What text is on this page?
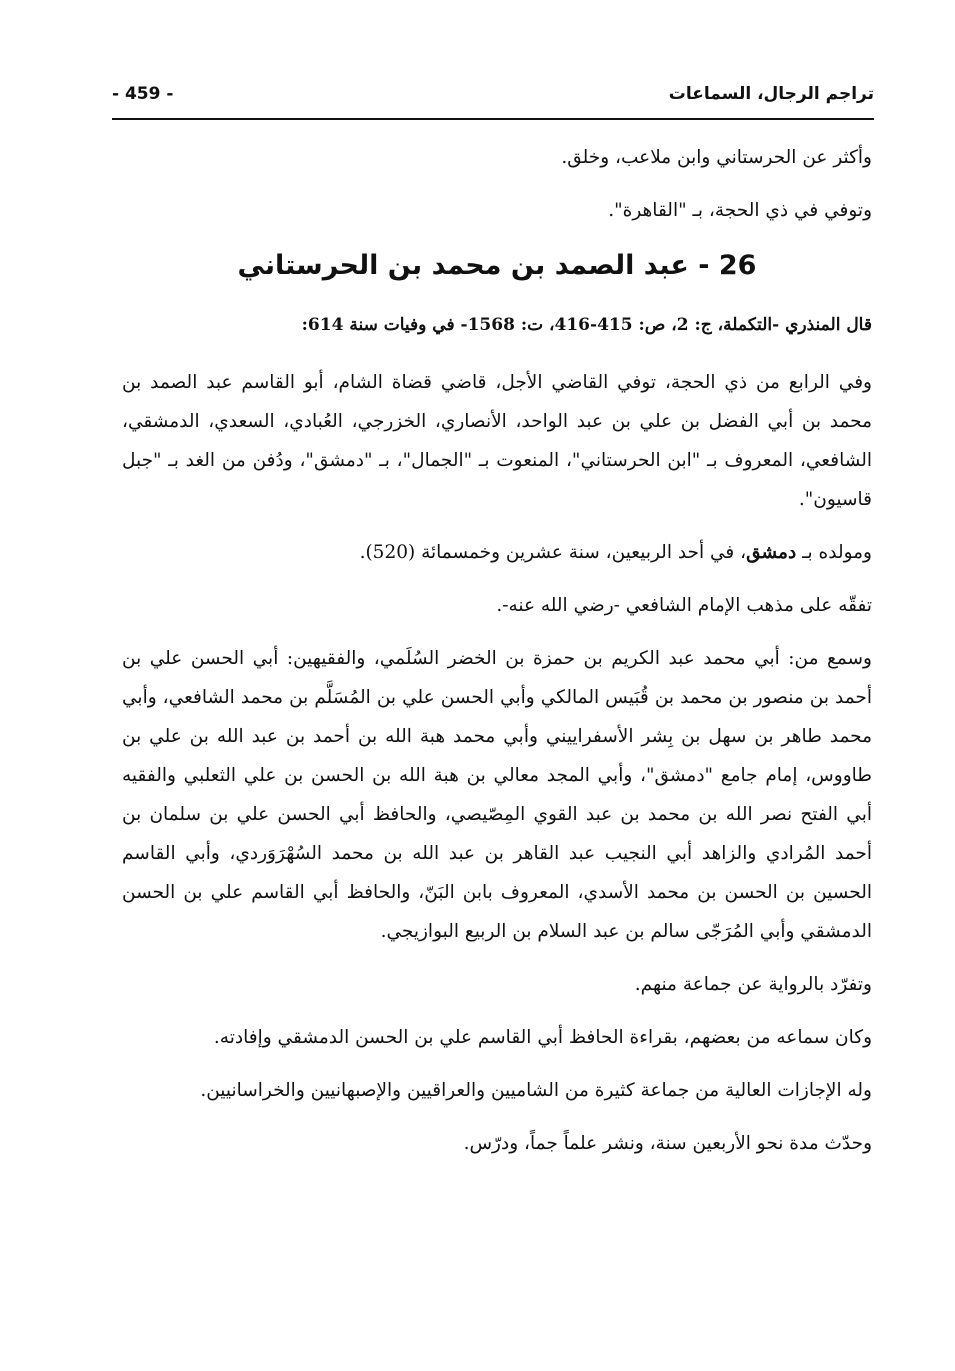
تراجم الرجال، السماعات
- 459 -

وأكثر عن الحرستاني وابن ملاعب، وخلق.

وتوفي في ذي الحجة، بـ "القاهرة".

26 - عبد الصمد بن محمد بن الحرستاني

قال المنذري -التكملة، ج: 2، ص: 415-416، ت: 1568- في وفيات سنة 614:

وفي الرابع من ذي الحجة، توفي القاضي الأجل، قاضي قضاة الشام، أبو القاسم عبد الصمد بن محمد بن أبي الفضل بن علي بن عبد الواحد، الأنصاري، الخزرجي، العُبادي، السعدي، الدمشقي، الشافعي، المعروف بـ "ابن الحرستاني"، المنعوت بـ "الجمال"، بـ "دمشق"، ودُفن من الغد بـ "جبل قاسيون".

ومولده بـ دمشق، في أحد الربيعين، سنة عشرين وخمسمائة (520).

تفقّه على مذهب الإمام الشافعي -رضي الله عنه-.

وسمع من: أبي محمد عبد الكريم بن حمزة بن الخضر السُلَمي، والفقيهين: أبي الحسن علي بن أحمد بن منصور بن محمد بن قُبَيس المالكي وأبي الحسن علي بن المُسَلَّم بن محمد الشافعي، وأبي محمد طاهر بن سهل بن بِشر الأسفراييني وأبي محمد هبة الله بن أحمد بن عبد الله بن علي بن طاووس، إمام جامع "دمشق"، وأبي المجد معالي بن هبة الله بن الحسن بن علي الثعلبي والفقيه أبي الفتح نصر الله بن محمد بن عبد القوي المِصّيصي، والحافظ أبي الحسن علي بن سلمان بن أحمد المُرادي والزاهد أبي النجيب عبد القاهر بن عبد الله بن محمد السُهْرَوَردي، وأبي القاسم الحسين بن الحسن بن محمد الأسدي، المعروف بابن البَنّ، والحافظ أبي القاسم علي بن الحسن الدمشقي وأبي المُرَجّى سالم بن عبد السلام بن الربيع البوازيجي.

وتفرّد بالرواية عن جماعة منهم.

وكان سماعه من بعضهم، بقراءة الحافظ أبي القاسم علي بن الحسن الدمشقي وإفادته.

وله الإجازات العالية من جماعة كثيرة من الشاميين والعراقيين والإصبهانيين والخراسانيين.

وحدّث مدة نحو الأربعين سنة، ونشر علماً جماً، ودرّس.
